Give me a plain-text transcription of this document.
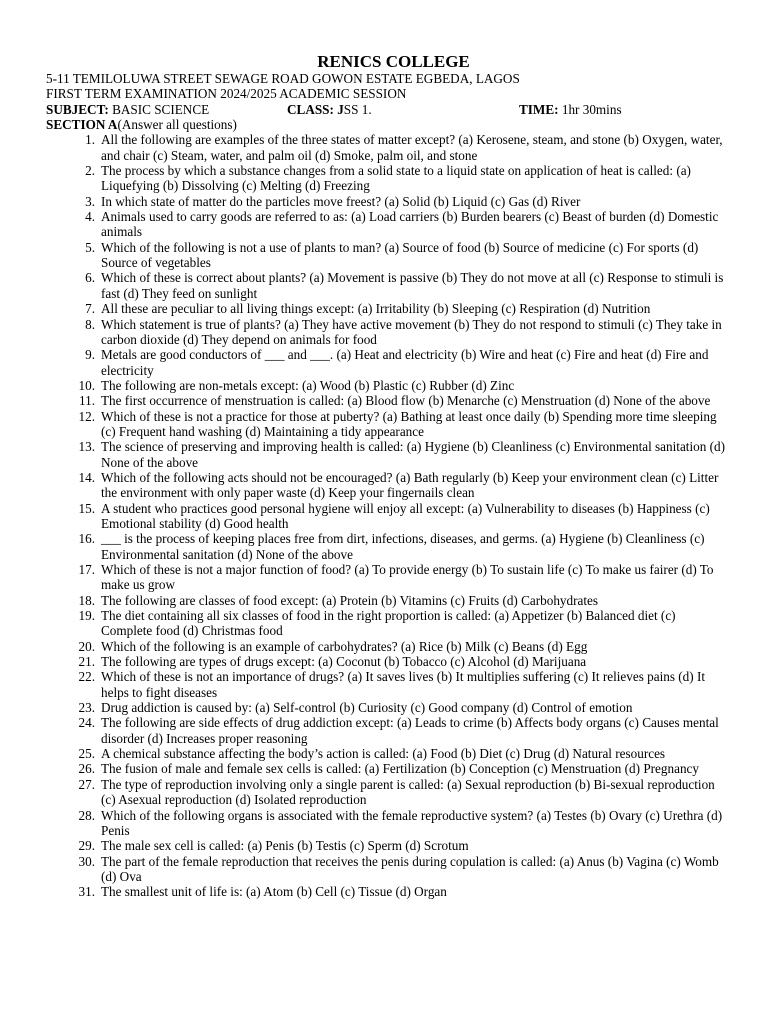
RENICS COLLEGE
5-11 TEMILOLUWA STREET SEWAGE ROAD GOWON ESTATE EGBEDA, LAGOS
FIRST TERM EXAMINATION 2024/2025 ACADEMIC SESSION
SUBJECT: BASIC SCIENCE	CLASS: JSS 1.	TIME: 1hr 30mins
SECTION A(Answer all questions)
1. All the following are examples of the three states of matter except? (a) Kerosene, steam, and stone (b) Oxygen, water, and chair (c) Steam, water, and palm oil (d) Smoke, palm oil, and stone
2. The process by which a substance changes from a solid state to a liquid state on application of heat is called: (a) Liquefying (b) Dissolving (c) Melting (d) Freezing
3. In which state of matter do the particles move freest? (a) Solid (b) Liquid (c) Gas (d) River
4. Animals used to carry goods are referred to as: (a) Load carriers (b) Burden bearers (c) Beast of burden (d) Domestic animals
5. Which of the following is not a use of plants to man? (a) Source of food (b) Source of medicine (c) For sports (d) Source of vegetables
6. Which of these is correct about plants? (a) Movement is passive (b) They do not move at all (c) Response to stimuli is fast (d) They feed on sunlight
7. All these are peculiar to all living things except: (a) Irritability (b) Sleeping (c) Respiration (d) Nutrition
8. Which statement is true of plants? (a) They have active movement (b) They do not respond to stimuli (c) They take in carbon dioxide (d) They depend on animals for food
9. Metals are good conductors of ___ and ___. (a) Heat and electricity (b) Wire and heat (c) Fire and heat (d) Fire and electricity
10. The following are non-metals except: (a) Wood (b) Plastic (c) Rubber (d) Zinc
11. The first occurrence of menstruation is called: (a) Blood flow (b) Menarche (c) Menstruation (d) None of the above
12. Which of these is not a practice for those at puberty? (a) Bathing at least once daily (b) Spending more time sleeping (c) Frequent hand washing (d) Maintaining a tidy appearance
13. The science of preserving and improving health is called: (a) Hygiene (b) Cleanliness (c) Environmental sanitation (d) None of the above
14. Which of the following acts should not be encouraged? (a) Bath regularly (b) Keep your environment clean (c) Litter the environment with only paper waste (d) Keep your fingernails clean
15. A student who practices good personal hygiene will enjoy all except: (a) Vulnerability to diseases (b) Happiness (c) Emotional stability (d) Good health
16. ___ is the process of keeping places free from dirt, infections, diseases, and germs. (a) Hygiene (b) Cleanliness (c) Environmental sanitation (d) None of the above
17. Which of these is not a major function of food? (a) To provide energy (b) To sustain life (c) To make us fairer (d) To make us grow
18. The following are classes of food except: (a) Protein (b) Vitamins (c) Fruits (d) Carbohydrates
19. The diet containing all six classes of food in the right proportion is called: (a) Appetizer (b) Balanced diet (c) Complete food (d) Christmas food
20. Which of the following is an example of carbohydrates? (a) Rice (b) Milk (c) Beans (d) Egg
21. The following are types of drugs except: (a) Coconut (b) Tobacco (c) Alcohol (d) Marijuana
22. Which of these is not an importance of drugs? (a) It saves lives (b) It multiplies suffering (c) It relieves pains (d) It helps to fight diseases
23. Drug addiction is caused by: (a) Self-control (b) Curiosity (c) Good company (d) Control of emotion
24. The following are side effects of drug addiction except: (a) Leads to crime (b) Affects body organs (c) Causes mental disorder (d) Increases proper reasoning
25. A chemical substance affecting the body’s action is called: (a) Food (b) Diet (c) Drug (d) Natural resources
26. The fusion of male and female sex cells is called: (a) Fertilization (b) Conception (c) Menstruation (d) Pregnancy
27. The type of reproduction involving only a single parent is called: (a) Sexual reproduction (b) Bi-sexual reproduction (c) Asexual reproduction (d) Isolated reproduction
28. Which of the following organs is associated with the female reproductive system? (a) Testes (b) Ovary (c) Urethra (d) Penis
29. The male sex cell is called: (a) Penis (b) Testis (c) Sperm (d) Scrotum
30. The part of the female reproduction that receives the penis during copulation is called: (a) Anus (b) Vagina (c) Womb (d) Ova
31. The smallest unit of life is: (a) Atom (b) Cell (c) Tissue (d) Organ
